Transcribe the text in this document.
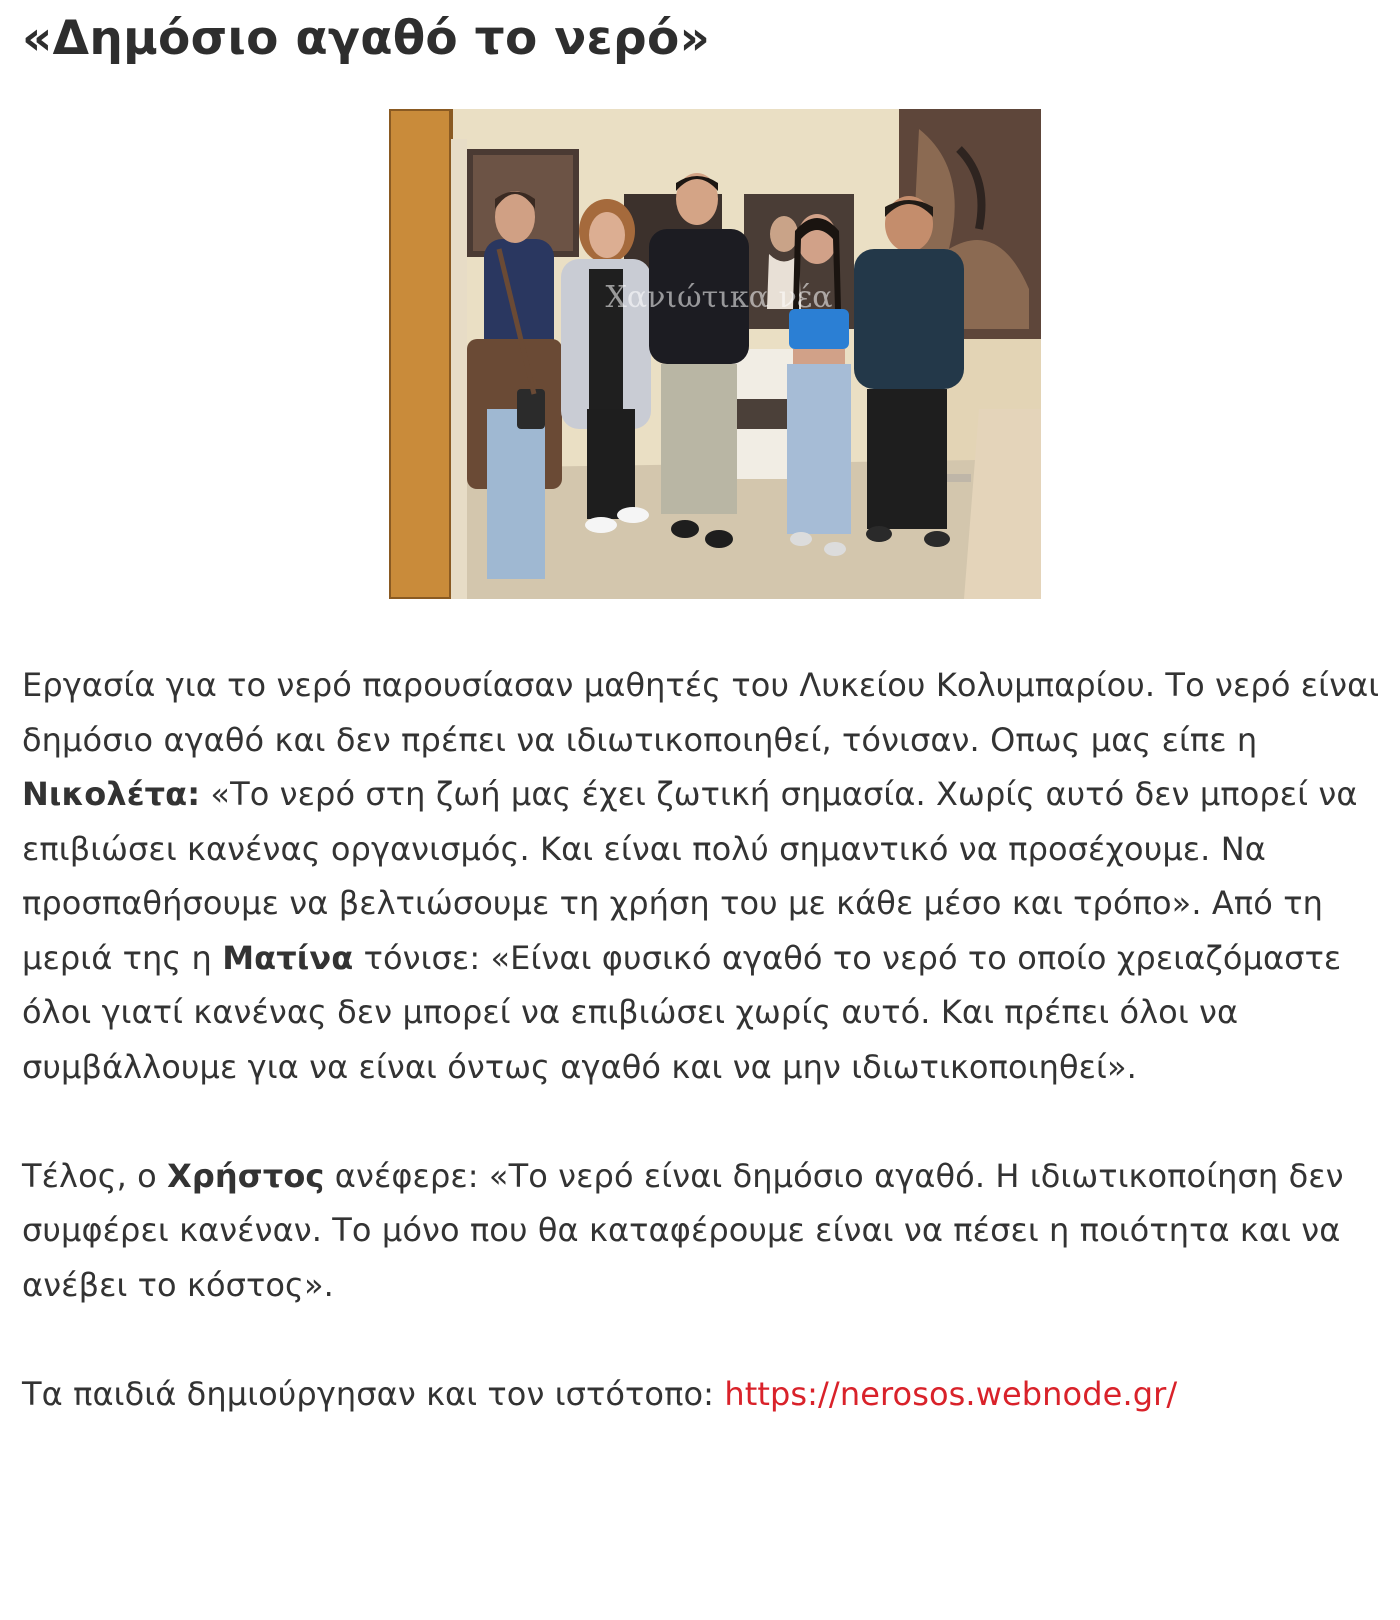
«Δημόσιο αγαθό το νερό»
Χανιώτικα νέα

Εργασία για το νερό παρουσίασαν μαθητές του Λυκείου Κολυμπαρίου. Το νερό είναι δημόσιο αγαθό και δεν πρέπει να ιδιωτικοποιηθεί, τόνισαν. Οπως μας είπε η Νικολέτα: «Το νερό στη ζωή μας έχει ζωτική σημασία. Χωρίς αυτό δεν μπορεί να επιβιώσει κανένας οργανισμός. Και είναι πολύ σημαντικό να προσέχουμε. Να προσπαθήσουμε να βελτιώσουμε τη χρήση του με κάθε μέσο και τρόπο». Από τη μεριά της η Ματίνα τόνισε: «Είναι φυσικό αγαθό το νερό το οποίο χρειαζόμαστε όλοι γιατί κανένας δεν μπορεί να επιβιώσει χωρίς αυτό. Και πρέπει όλοι να συμβάλλουμε για να είναι όντως αγαθό και να μην ιδιωτικοποιηθεί».

Τέλος, ο Χρήστος ανέφερε: «Το νερό είναι δημόσιο αγαθό. Η ιδιωτικοποίηση δεν συμφέρει κανέναν. Το μόνο που θα καταφέρουμε είναι να πέσει η ποιότητα και να ανέβει το κόστος».

Τα παιδιά δημιούργησαν και τον ιστότοπο: https://nerosos.webnode.gr/
